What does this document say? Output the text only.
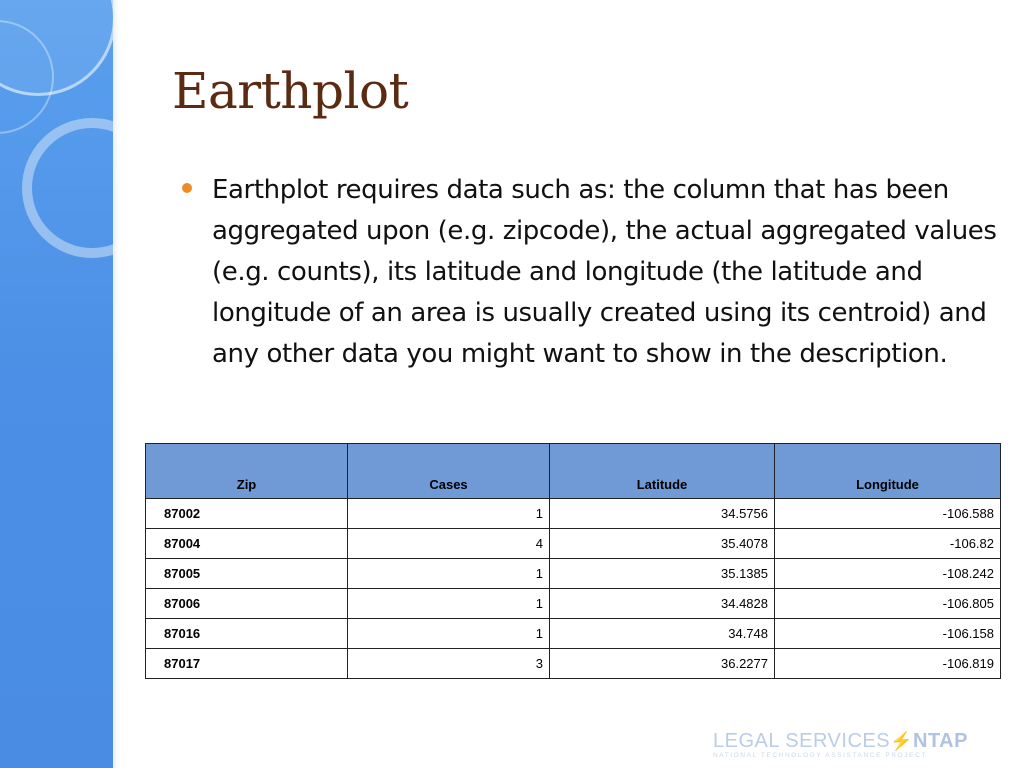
Earthplot
Earthplot requires data such as: the column that has been aggregated upon (e.g. zipcode), the actual aggregated values (e.g. counts), its latitude and longitude (the latitude and longitude of an area is usually created using its centroid) and any other data you might want to show in the description.
Zip	Cases	Latitude	Longitude
87002	1	34.5756	-106.588
87004	4	35.4078	-106.82
87005	1	35.1385	-108.242
87006	1	34.4828	-106.805
87016	1	34.748	-106.158
87017	3	36.2277	-106.819
LEGAL SERVICES⚡NTAP
NATIONAL TECHNOLOGY ASSISTANCE PROJECT
